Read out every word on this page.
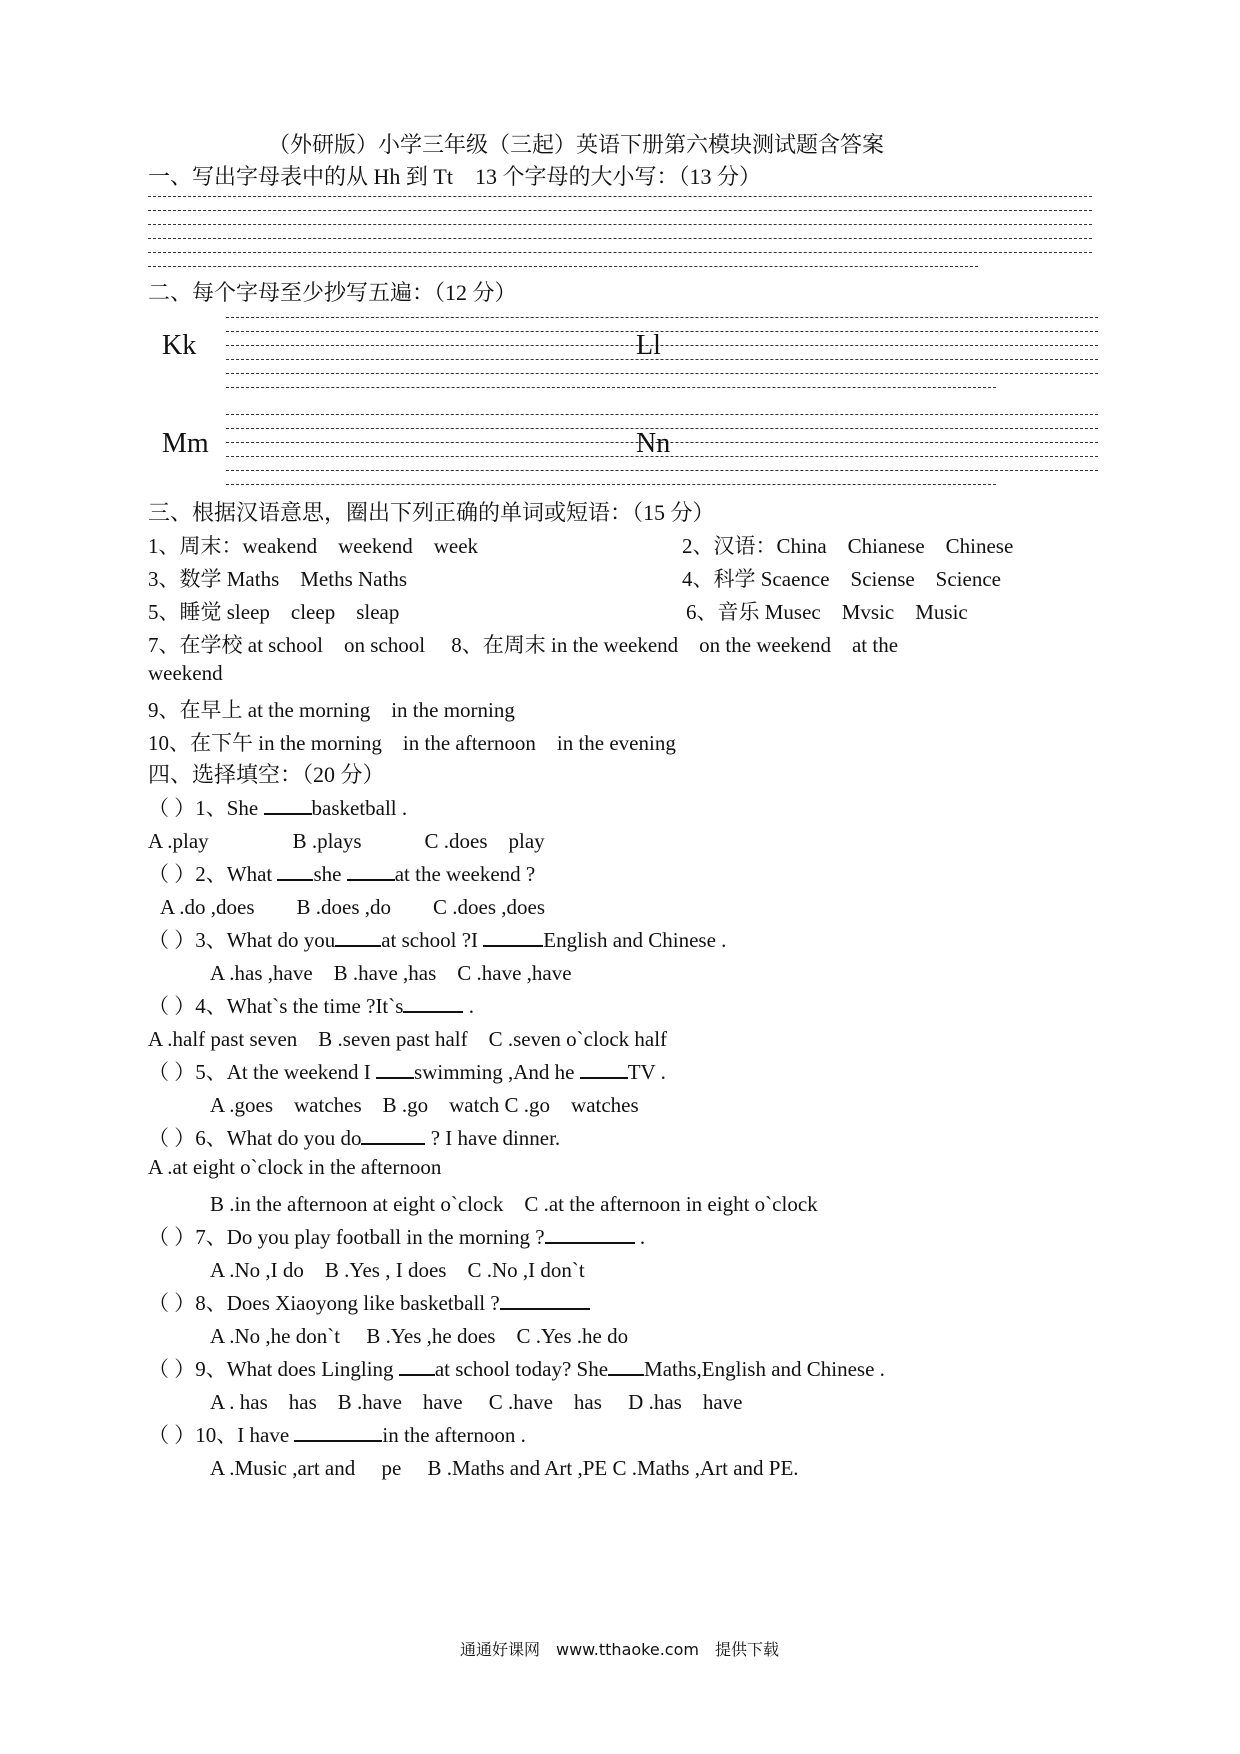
（外研版）小学三年级（三起）英语下册第六模块测试题含答案
一、写出字母表中的从 Hh 到 Tt　13 个字母的大小写：（13 分）
二、每个字母至少抄写五遍：（12 分）
Kk	Ll
Mm	Nn
三、根据汉语意思，圈出下列正确的单词或短语：（15 分）
1、周末：weakend　weekend　week	2、汉语：China　Chianese　Chinese
3、数学 Maths　Meths Naths	4、科学 Scaence　Sciense　Science
5、睡觉 sleep　cleep　sleap	6、音乐 Musec　Mvsic　Music
7、在学校 at school　on school　 8、在周末 in the weekend　on the weekend　at the
weekend
9、在早上 at the morning　in the morning
10、在下午 in the morning　in the afternoon　in the evening
四、选择填空：（20 分）
（ ）1、She basketball .
A .play　　　　B .plays　　　C .does　play
（ ）2、What she at the weekend ?
A .do ,does　　B .does ,do　　C .does ,does
（ ）3、What do you at school ?I	English and Chinese .
A .has ,have　B .have ,has　C .have ,have
（ ）4、What`s the time ?It`s	.
A .half past seven　B .seven past half　C .seven o`clock half
（ ）5、At the weekend I swimming ,And he TV .
A .goes　watches　B .go　watch C .go　watches
（ ）6、What do you do	? I have dinner.
A .at eight o`clock in the afternoon
B .in the afternoon at eight o`clock　C .at the afternoon in eight o`clock
（ ）7、Do you play football in the morning ?	.
A .No ,I do　B .Yes , I does　C .No ,I don`t
（ ）8、Does Xiaoyong like basketball ?
A .No ,he don`t　 B .Yes ,he does　C .Yes .he do
（ ）9、What does Lingling at school today? She Maths,English and Chinese .
A . has　has　B .have　have　 C .have　has　 D .has　have
（ ）10、I have	in the afternoon .
A .Music ,art and　 pe　 B .Maths and Art ,PE C .Maths ,Art and PE.
通通好课网　www.tthaoke.com　提供下载
